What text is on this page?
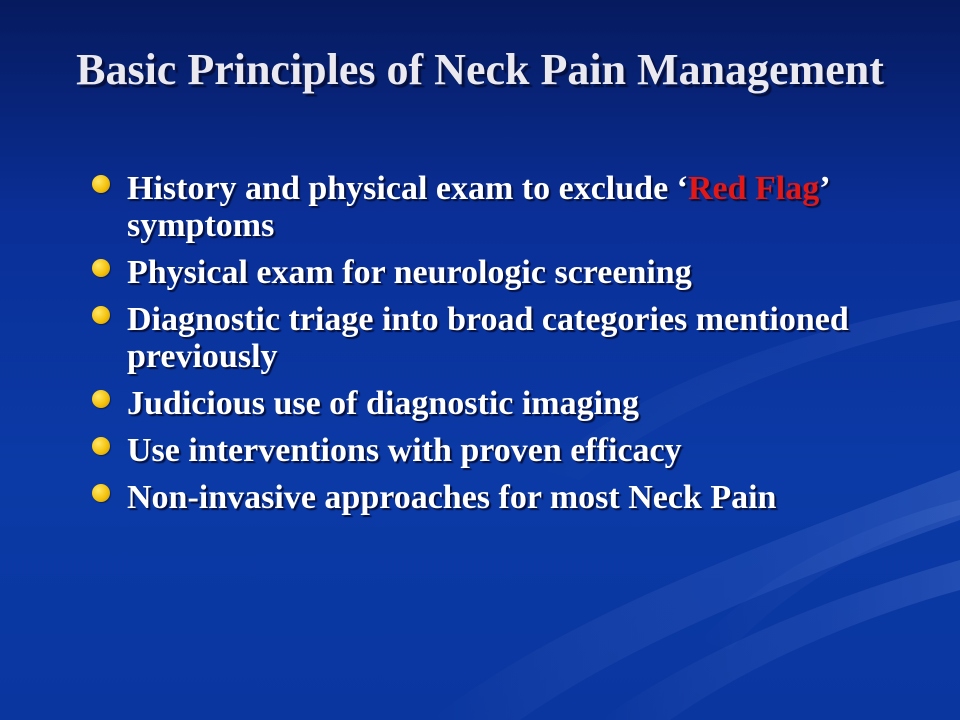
Basic Principles of Neck Pain Management
History and physical exam to exclude ‘Red Flag’ symptoms
Physical exam for neurologic screening
Diagnostic triage into broad categories mentioned previously
Judicious use of diagnostic imaging
Use interventions with proven efficacy
Non-invasive approaches for most Neck Pain
